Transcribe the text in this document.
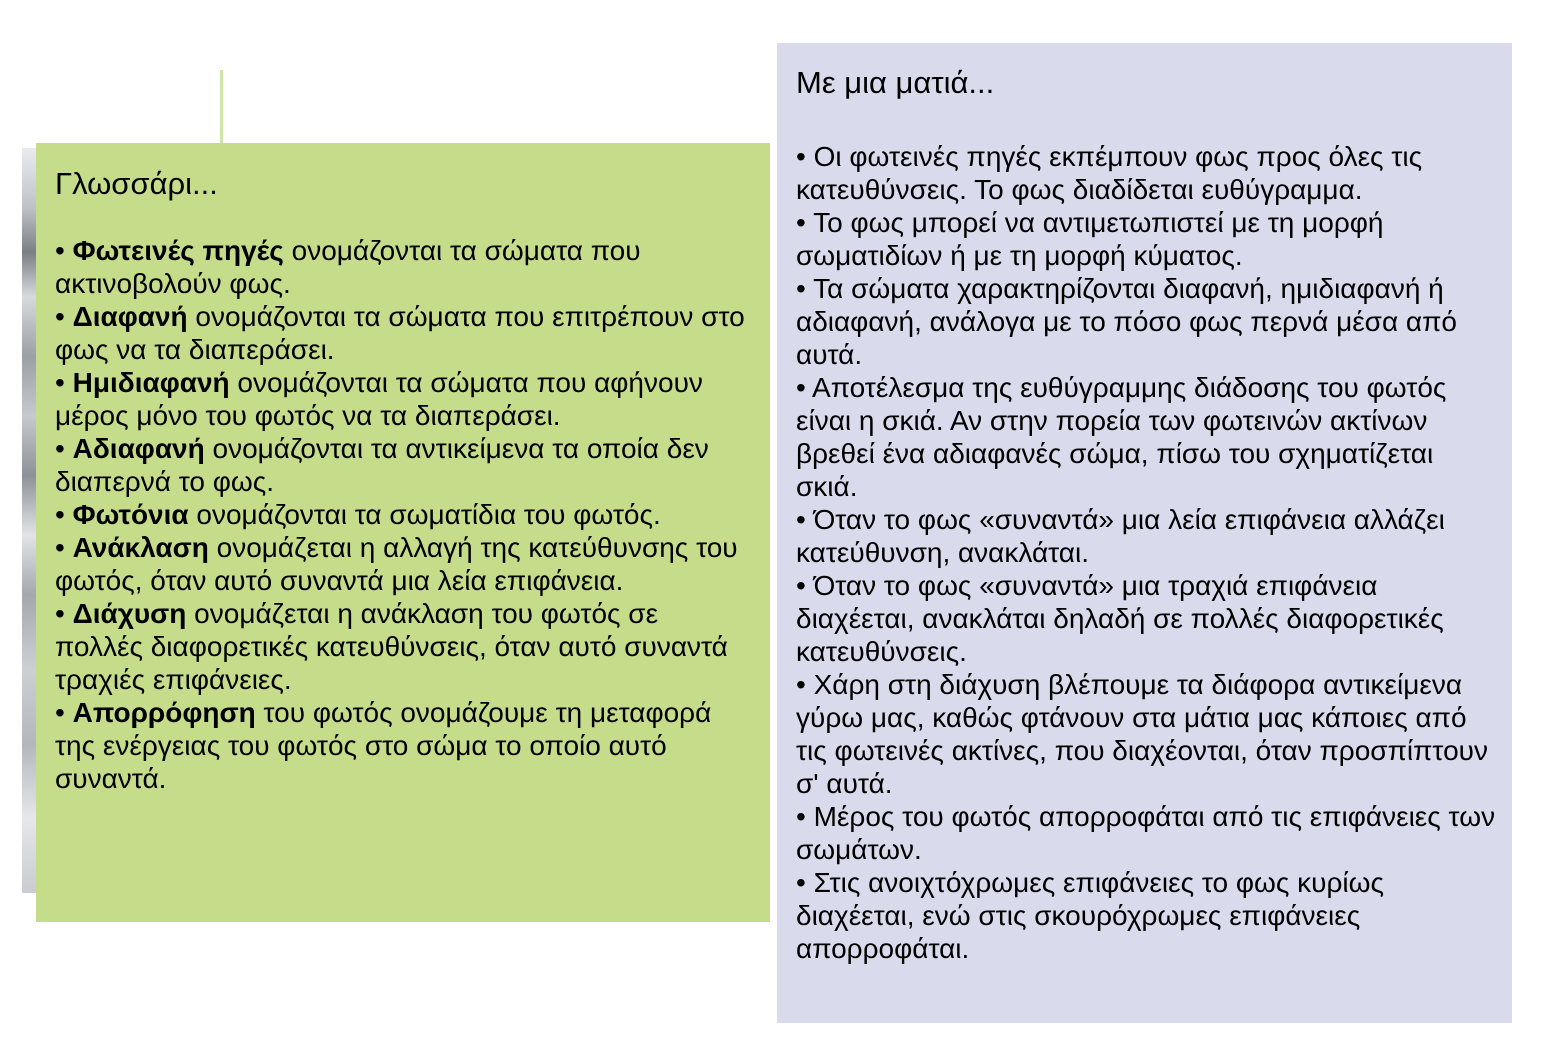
Γλωσσάρι...
• Φωτεινές πηγές ονομάζονται τα σώματα που ακτινοβολούν φως.
• Διαφανή ονομάζονται τα σώματα που επιτρέπουν στο φως να τα διαπεράσει.
• Ημιδιαφανή ονομάζονται τα σώματα που αφήνουν μέρος μόνο του φωτός να τα διαπεράσει.
• Αδιαφανή ονομάζονται τα αντικείμενα τα οποία δεν διαπερνά το φως.
• Φωτόνια ονομάζονται τα σωματίδια του φωτός.
• Ανάκλαση ονομάζεται η αλλαγή της κατεύθυνσης του φωτός, όταν αυτό συναντά μια λεία επιφάνεια.
• Διάχυση ονομάζεται η ανάκλαση του φωτός σε πολλές διαφορετικές κατευθύνσεις, όταν αυτό συναντά τραχιές επιφάνειες.
• Απορρόφηση του φωτός ονομάζουμε τη μεταφορά της ενέργειας του φωτός στο σώμα το οποίο αυτό συναντά.
Με μια ματιά...
• Οι φωτεινές πηγές εκπέμπουν φως προς όλες τις κατευθύνσεις. Το φως διαδίδεται ευθύγραμμα.
• Το φως μπορεί να αντιμετωπιστεί με τη μορφή σωματιδίων ή με τη μορφή κύματος.
• Τα σώματα χαρακτηρίζονται διαφανή, ημιδιαφανή ή αδιαφανή, ανάλογα με το πόσο φως περνά μέσα από αυτά.
• Αποτέλεσμα της ευθύγραμμης διάδοσης του φωτός είναι η σκιά. Αν στην πορεία των φωτεινών ακτίνων βρεθεί ένα αδιαφανές σώμα, πίσω του σχηματίζεται σκιά.
• Όταν το φως «συναντά» μια λεία επιφάνεια αλλάζει κατεύθυνση, ανακλάται.
• Όταν το φως «συναντά» μια τραχιά επιφάνεια διαχέεται, ανακλάται δηλαδή σε πολλές διαφορετικές κατευθύνσεις.
• Χάρη στη διάχυση βλέπουμε τα διάφορα αντικείμενα γύρω μας, καθώς φτάνουν στα μάτια μας κάποιες από τις φωτεινές ακτίνες, που διαχέονται, όταν προσπίπτουν σ' αυτά.
• Μέρος του φωτός απορροφάται από τις επιφάνειες των σωμάτων.
• Στις ανοιχτόχρωμες επιφάνειες το φως κυρίως διαχέεται, ενώ στις σκουρόχρωμες επιφάνειες απορροφάται.
